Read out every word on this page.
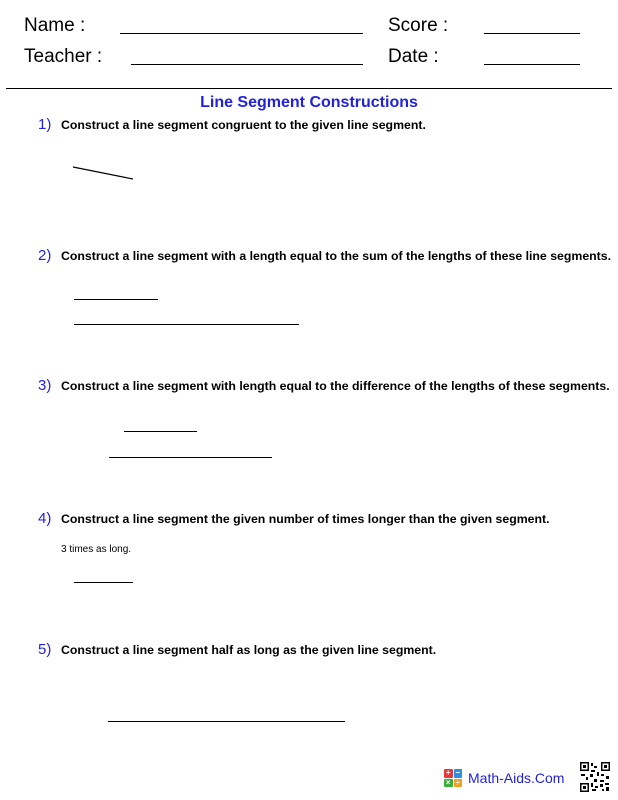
Name :	Score :
Teacher :	Date :
Line Segment Constructions
1) Construct a line segment congruent to the given line segment.
2) Construct a line segment with a length equal to the sum of the lengths of these line segments.
3) Construct a line segment with length equal to the difference of the lengths of these segments.
4) Construct a line segment the given number of times longer than the given segment.
3 times as long.
5) Construct a line segment half as long as the given line segment.
+ −
× ÷ Math-Aids.Com
